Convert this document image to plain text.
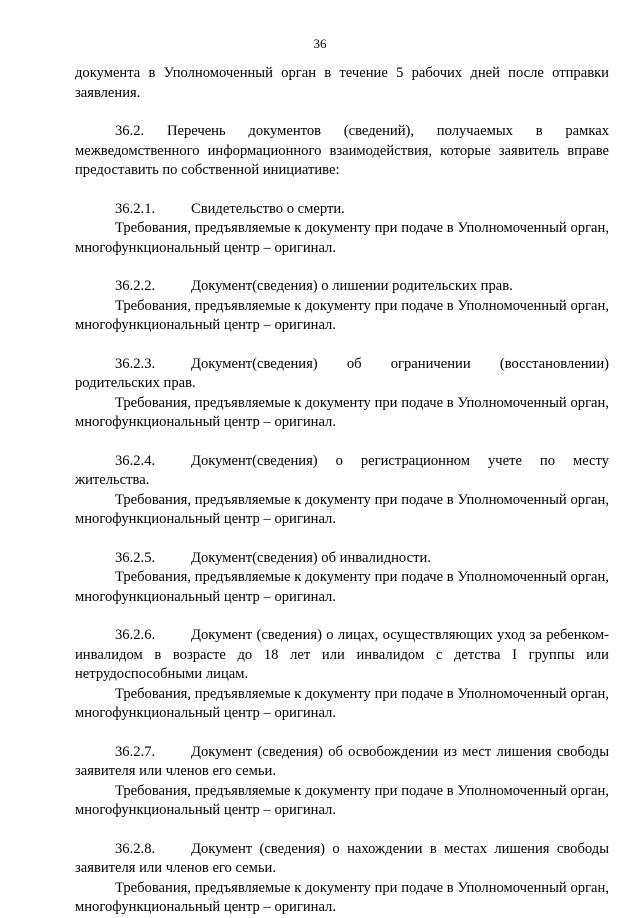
36

документа в Уполномоченный орган в течение 5 рабочих дней после отправки
заявления.

36.2. Перечень документов (сведений), получаемых в рамках
межведомственного информационного взаимодействия, которые заявитель вправе предоставить по собственной инициативе:

36.2.1. Свидетельство о смерти.

Требования, предъявляемые к документу при подаче в Уполномоченный орган, многофункциональный центр – оригинал.

36.2.2. Документ(сведения) о лишении родительских прав.

Требования, предъявляемые к документу при подаче в Уполномоченный орган, многофункциональный центр – оригинал.

36.2.3. Документ(сведения) об ограничении (восстановлении) родительских прав.

Требования, предъявляемые к документу при подаче в Уполномоченный орган, многофункциональный центр – оригинал.

36.2.4. Документ(сведения) о регистрационном учете по месту жительства.

Требования, предъявляемые к документу при подаче в Уполномоченный орган, многофункциональный центр – оригинал.

36.2.5. Документ(сведения) об инвалидности.

Требования, предъявляемые к документу при подаче в Уполномоченный орган, многофункциональный центр – оригинал.

36.2.6. Документ (сведения) о лицах, осуществляющих уход за ребенком-инвалидом в возрасте до 18 лет или инвалидом с детства I группы или нетрудоспособными лицам.

Требования, предъявляемые к документу при подаче в Уполномоченный орган, многофункциональный центр – оригинал.

36.2.7. Документ (сведения) об освобождении из мест лишения свободы заявителя или членов его семьи.

Требования, предъявляемые к документу при подаче в Уполномоченный орган, многофункциональный центр – оригинал.

36.2.8. Документ (сведения) о нахождении в местах лишения свободы заявителя или членов его семьи.

Требования, предъявляемые к документу при подаче в Уполномоченный орган, многофункциональный центр – оригинал.
